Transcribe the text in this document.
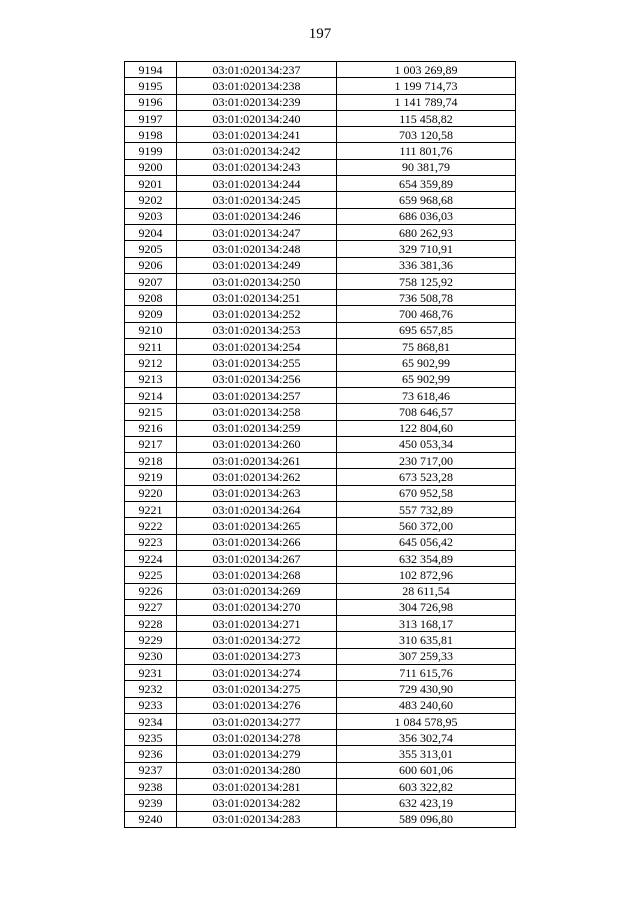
197
9194	03:01:020134:237	1 003 269,89
9195	03:01:020134:238	1 199 714,73
9196	03:01:020134:239	1 141 789,74
9197	03:01:020134:240	115 458,82
9198	03:01:020134:241	703 120,58
9199	03:01:020134:242	111 801,76
9200	03:01:020134:243	90 381,79
9201	03:01:020134:244	654 359,89
9202	03:01:020134:245	659 968,68
9203	03:01:020134:246	686 036,03
9204	03:01:020134:247	680 262,93
9205	03:01:020134:248	329 710,91
9206	03:01:020134:249	336 381,36
9207	03:01:020134:250	758 125,92
9208	03:01:020134:251	736 508,78
9209	03:01:020134:252	700 468,76
9210	03:01:020134:253	695 657,85
9211	03:01:020134:254	75 868,81
9212	03:01:020134:255	65 902,99
9213	03:01:020134:256	65 902,99
9214	03:01:020134:257	73 618,46
9215	03:01:020134:258	708 646,57
9216	03:01:020134:259	122 804,60
9217	03:01:020134:260	450 053,34
9218	03:01:020134:261	230 717,00
9219	03:01:020134:262	673 523,28
9220	03:01:020134:263	670 952,58
9221	03:01:020134:264	557 732,89
9222	03:01:020134:265	560 372,00
9223	03:01:020134:266	645 056,42
9224	03:01:020134:267	632 354,89
9225	03:01:020134:268	102 872,96
9226	03:01:020134:269	28 611,54
9227	03:01:020134:270	304 726,98
9228	03:01:020134:271	313 168,17
9229	03:01:020134:272	310 635,81
9230	03:01:020134:273	307 259,33
9231	03:01:020134:274	711 615,76
9232	03:01:020134:275	729 430,90
9233	03:01:020134:276	483 240,60
9234	03:01:020134:277	1 084 578,95
9235	03:01:020134:278	356 302,74
9236	03:01:020134:279	355 313,01
9237	03:01:020134:280	600 601,06
9238	03:01:020134:281	603 322,82
9239	03:01:020134:282	632 423,19
9240	03:01:020134:283	589 096,80
